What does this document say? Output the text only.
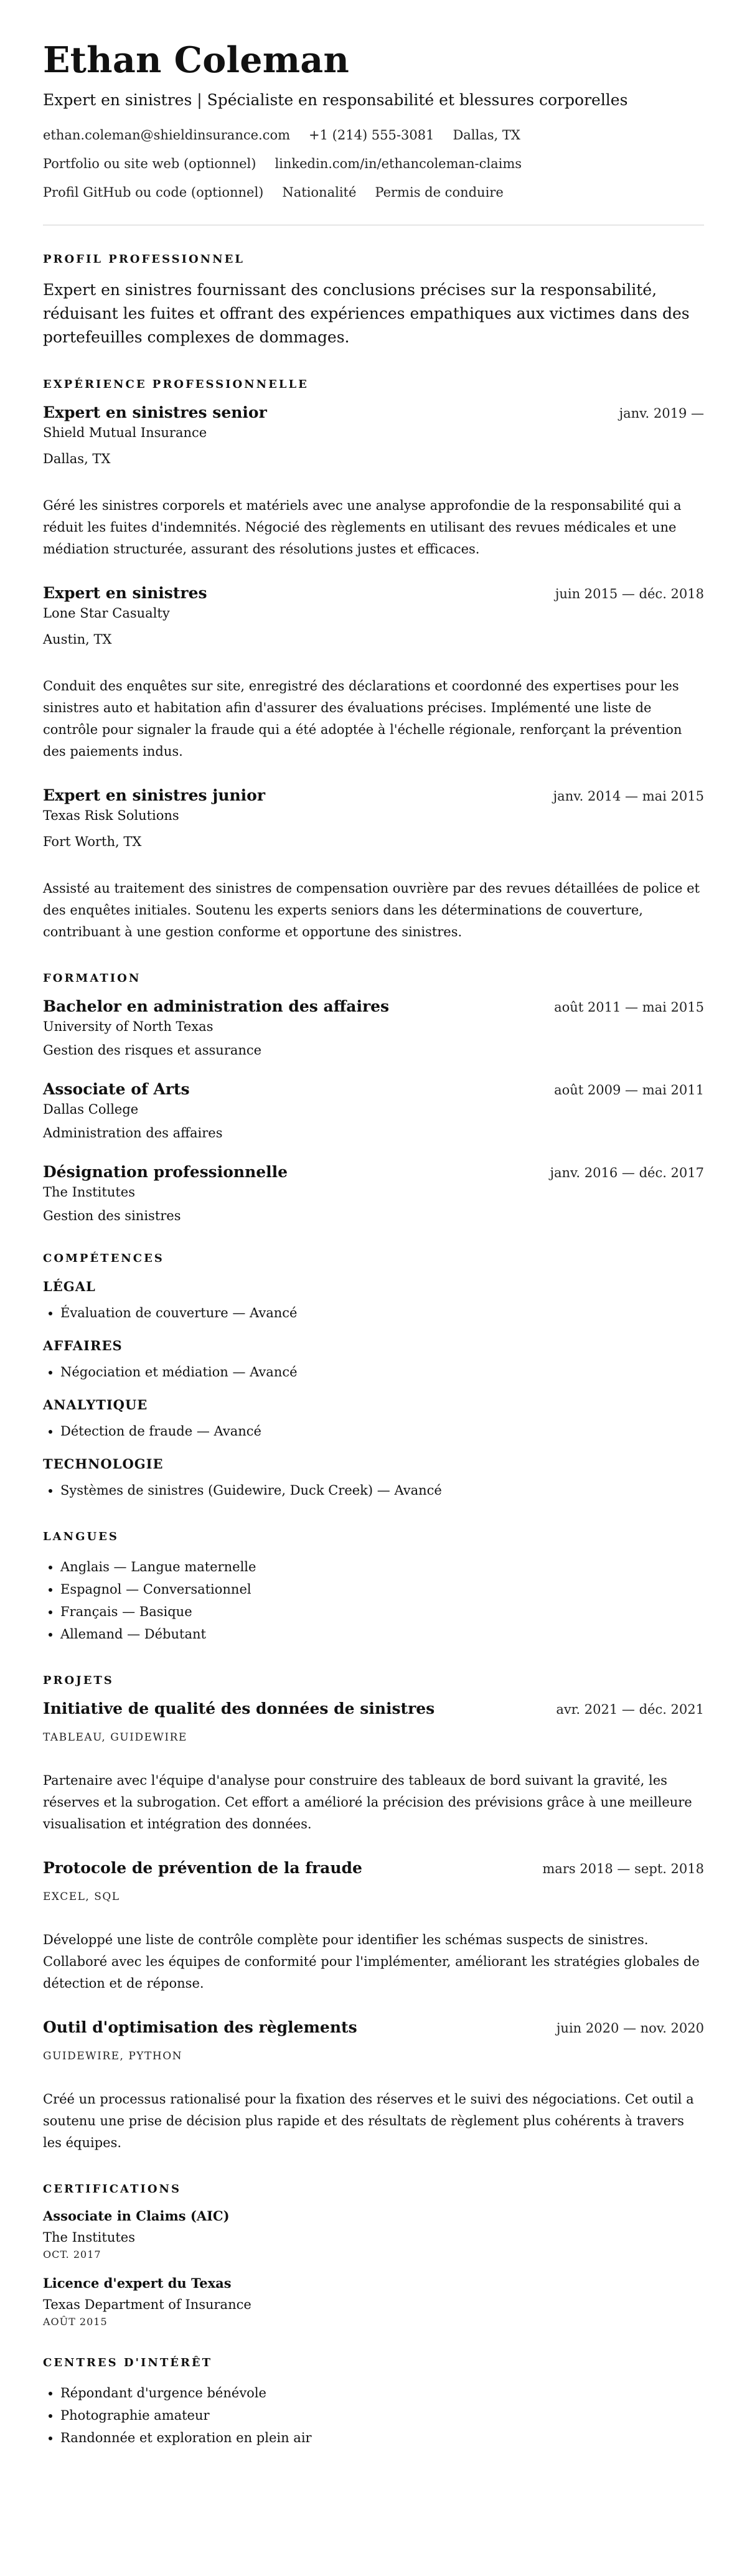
Ethan Coleman
Expert en sinistres | Spécialiste en responsabilité et blessures corporelles
ethan.coleman@shieldinsurance.com +1 (214) 555-3081 Dallas, TX
Portfolio ou site web (optionnel) linkedin.com/in/ethancoleman-claims
Profil GitHub ou code (optionnel) Nationalité Permis de conduire
PROFIL PROFESSIONNEL

Expert en sinistres fournissant des conclusions précises sur la responsabilité, réduisant les fuites et offrant des expériences empathiques aux victimes dans des portefeuilles complexes de dommages.

EXPÉRIENCE PROFESSIONNELLE
Expert en sinistres senior	janv. 2019 —
Shield Mutual Insurance
Dallas, TX
Géré les sinistres corporels et matériels avec une analyse approfondie de la responsabilité qui a réduit les fuites d'indemnités. Négocié des règlements en utilisant des revues médicales et une médiation structurée, assurant des résolutions justes et efficaces.
Expert en sinistres	juin 2015 — déc. 2018
Lone Star Casualty
Austin, TX
Conduit des enquêtes sur site, enregistré des déclarations et coordonné des expertises pour les sinistres auto et habitation afin d'assurer des évaluations précises. Implémenté une liste de contrôle pour signaler la fraude qui a été adoptée à l'échelle régionale, renforçant la prévention des paiements indus.
Expert en sinistres junior	janv. 2014 — mai 2015
Texas Risk Solutions
Fort Worth, TX
Assisté au traitement des sinistres de compensation ouvrière par des revues détaillées de police et des enquêtes initiales. Soutenu les experts seniors dans les déterminations de couverture, contribuant à une gestion conforme et opportune des sinistres.
FORMATION
Bachelor en administration des affaires	août 2011 — mai 2015
University of North Texas
Gestion des risques et assurance
Associate of Arts	août 2009 — mai 2011
Dallas College
Administration des affaires
Désignation professionnelle	janv. 2016 — déc. 2017
The Institutes
Gestion des sinistres
COMPÉTENCES
LÉGAL
• Évaluation de couverture — Avancé
AFFAIRES
• Négociation et médiation — Avancé
ANALYTIQUE
• Détection de fraude — Avancé
TECHNOLOGIE
• Systèmes de sinistres (Guidewire, Duck Creek) — Avancé
LANGUES
• Anglais — Langue maternelle
• Espagnol — Conversationnel
• Français — Basique
• Allemand — Débutant
PROJETS
Initiative de qualité des données de sinistres	avr. 2021 — déc. 2021
TABLEAU, GUIDEWIRE
Partenaire avec l'équipe d'analyse pour construire des tableaux de bord suivant la gravité, les réserves et la subrogation. Cet effort a amélioré la précision des prévisions grâce à une meilleure visualisation et intégration des données.
Protocole de prévention de la fraude	mars 2018 — sept. 2018
EXCEL, SQL
Développé une liste de contrôle complète pour identifier les schémas suspects de sinistres. Collaboré avec les équipes de conformité pour l'implémenter, améliorant les stratégies globales de détection et de réponse.
Outil d'optimisation des règlements	juin 2020 — nov. 2020
GUIDEWIRE, PYTHON
Créé un processus rationalisé pour la fixation des réserves et le suivi des négociations. Cet outil a soutenu une prise de décision plus rapide et des résultats de règlement plus cohérents à travers les équipes.
CERTIFICATIONS
Associate in Claims (AIC)
The Institutes
OCT. 2017
Licence d'expert du Texas
Texas Department of Insurance
AOÛT 2015
CENTRES D'INTÉRÊT
• Répondant d'urgence bénévole
• Photographie amateur
• Randonnée et exploration en plein air
